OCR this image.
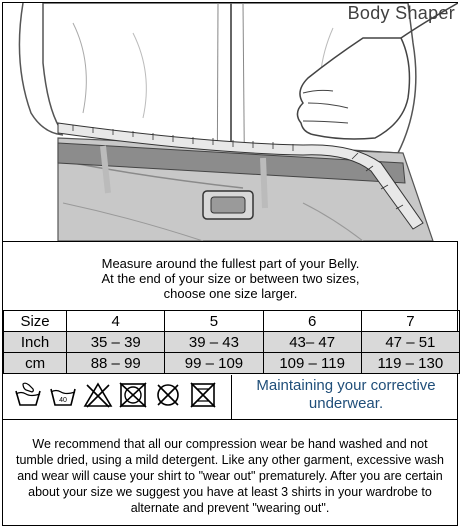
Body Shaper
Measure around the fullest part of your Belly.
At the end of your size or between two sizes,
choose one size larger.
Size	4	5	6	7
Inch	35 – 39	39 – 43	43– 47	47 – 51
cm	88 – 99	99 – 109	109 – 119	119 – 130
40
Maintaining your corrective
underwear.
We recommend that all our compression wear be hand washed and not tumble dried, using a mild detergent. Like any other garment, excessive wash and wear will cause your shirt to "wear out" prematurely. After you are certain about your size we suggest you have at least 3 shirts in your wardrobe to alternate and prevent "wearing out".
